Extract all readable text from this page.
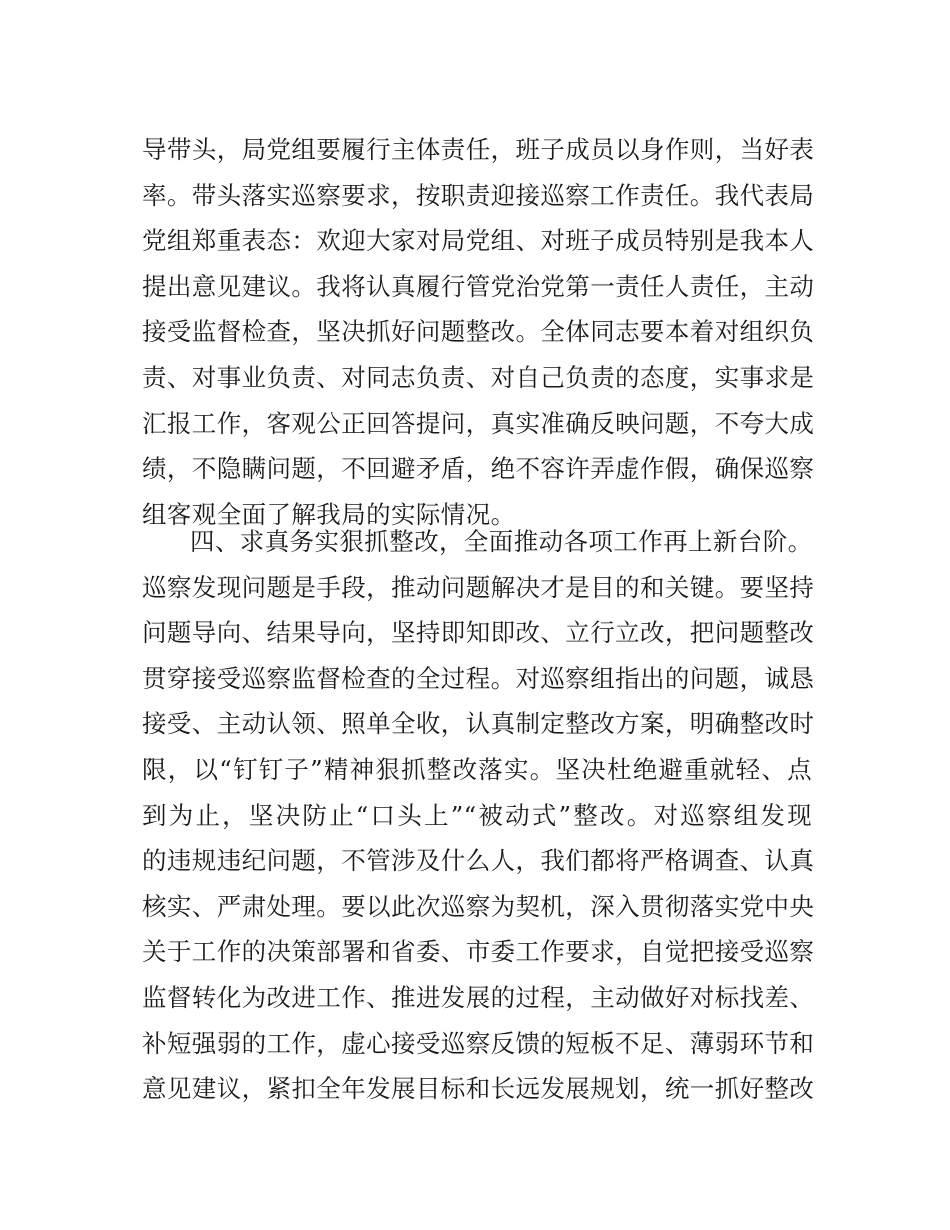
导带头，局党组要履行主体责任，班子成员以身作则，当好表
率。带头落实巡察要求，按职责迎接巡察工作责任。我代表局
党组郑重表态：欢迎大家对局党组、对班子成员特别是我本人
提出意见建议。我将认真履行管党治党第一责任人责任，主动
接受监督检查，坚决抓好问题整改。全体同志要本着对组织负
责、对事业负责、对同志负责、对自己负责的态度，实事求是
汇报工作，客观公正回答提问，真实准确反映问题，不夸大成
绩，不隐瞒问题，不回避矛盾，绝不容许弄虚作假，确保巡察
组客观全面了解我局的实际情况。
四、求真务实狠抓整改，全面推动各项工作再上新台阶。
巡察发现问题是手段，推动问题解决才是目的和关键。要坚持
问题导向、结果导向，坚持即知即改、立行立改，把问题整改
贯穿接受巡察监督检查的全过程。对巡察组指出的问题，诚恳
接受、主动认领、照单全收，认真制定整改方案，明确整改时
限，以“钉钉子”精神狠抓整改落实。坚决杜绝避重就轻、点
到为止，坚决防止“口头上”“被动式”整改。对巡察组发现
的违规违纪问题，不管涉及什么人，我们都将严格调查、认真
核实、严肃处理。要以此次巡察为契机，深入贯彻落实党中央
关于工作的决策部署和省委、市委工作要求，自觉把接受巡察
监督转化为改进工作、推进发展的过程，主动做好对标找差、
补短强弱的工作，虚心接受巡察反馈的短板不足、薄弱环节和
意见建议，紧扣全年发展目标和长远发展规划，统一抓好整改
